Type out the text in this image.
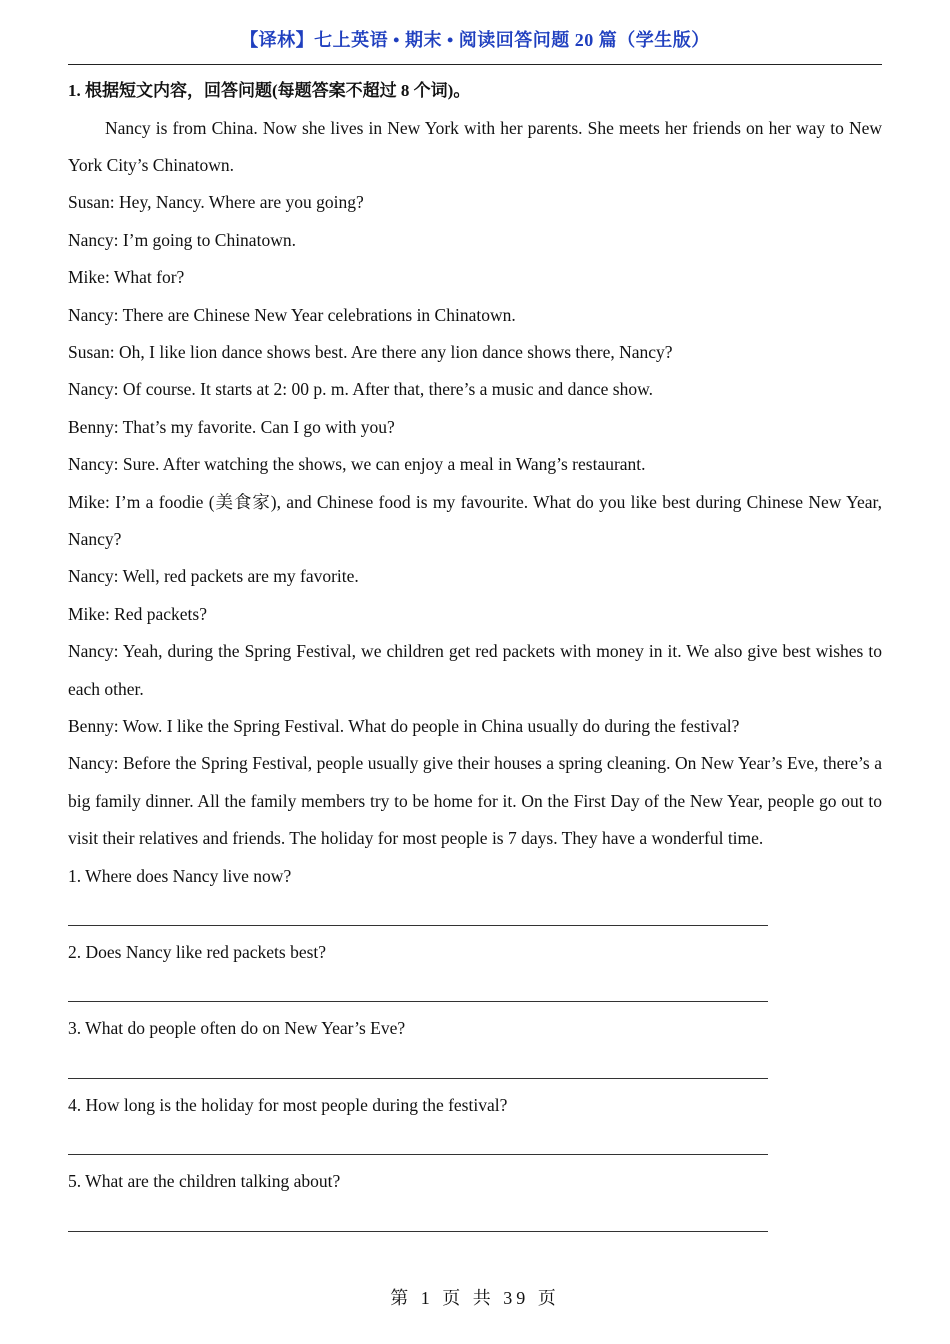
【译林】七上英语 • 期末 • 阅读回答问题 20 篇（学生版）

1. 根据短文内容，回答问题(每题答案不超过 8 个词)。

Nancy is from China. Now she lives in New York with her parents. She meets her friends on her way to New York City’s Chinatown.

Susan: Hey, Nancy. Where are you going?

Nancy: I’m going to Chinatown.

Mike: What for?

Nancy: There are Chinese New Year celebrations in Chinatown.

Susan: Oh, I like lion dance shows best. Are there any lion dance shows there, Nancy?

Nancy: Of course. It starts at 2: 00 p. m. After that, there’s a music and dance show.

Benny: That’s my favorite. Can I go with you?

Nancy: Sure. After watching the shows, we can enjoy a meal in Wang’s restaurant.

Mike: I’m a foodie (美食家), and Chinese food is my favourite. What do you like best during Chinese New Year, Nancy?

Nancy: Well, red packets are my favorite.

Mike: Red packets?

Nancy: Yeah, during the Spring Festival, we children get red packets with money in it. We also give best wishes to each other.

Benny: Wow. I like the Spring Festival. What do people in China usually do during the festival?

Nancy: Before the Spring Festival, people usually give their houses a spring cleaning. On New Year’s Eve, there’s a big family dinner. All the family members try to be home for it. On the First Day of the New Year, people go out to visit their relatives and friends. The holiday for most people is 7 days. They have a wonderful time.

1. Where does Nancy live now?

2. Does Nancy like red packets best?

3. What do people often do on New Year’s Eve?

4. How long is the holiday for most people during the festival?

5. What are the children talking about?

第 1 页 共 39 页
